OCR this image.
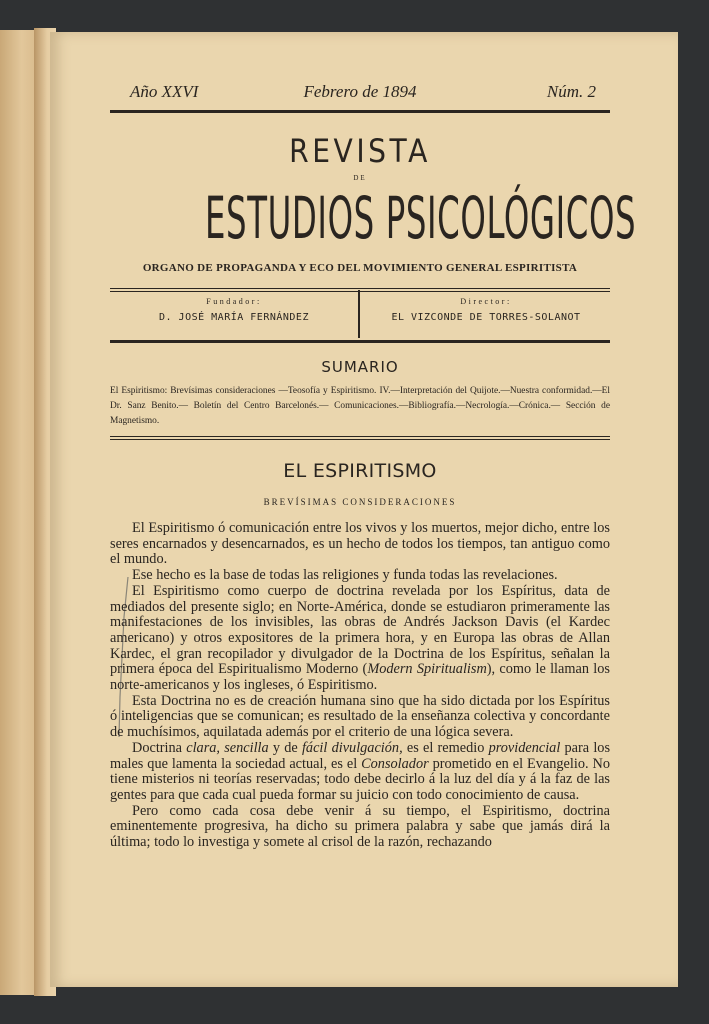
Año XXVI	Febrero de 1894	Núm. 2
REVISTA
DE
ESTUDIOS PSICOLÓGICOS
ORGANO DE PROPAGANDA Y ECO DEL MOVIMIENTO GENERAL ESPIRITISTA
Fundador:
D. JOSÉ MARÍA FERNÁNDEZ
Director:
EL VIZCONDE DE TORRES-SOLANOT
SUMARIO
El Espiritismo: Brevísimas consideraciones —Teosofía y Espiritismo. IV.—Interpretación del Quijote.—Nuestra conformidad.—El Dr. Sanz Benito.— Boletín del Centro Barcelonés.— Comunicaciones.—Bibliografía.—Necrología.—Crónica.— Sección de Magnetismo.
EL ESPIRITISMO
BREVÍSIMAS CONSIDERACIONES

El Espiritismo ó comunicación entre los vivos y los muertos, mejor dicho, entre los seres encarnados y desencarnados, es un hecho de todos los tiempos, tan antiguo como el mundo.

Ese hecho es la base de todas las religiones y funda todas las revelaciones.

El Espiritismo como cuerpo de doctrina revelada por los Espíritus, data de mediados del presente siglo; en Norte-América, donde se estudiaron primeramente las manifestaciones de los invisibles, las obras de Andrés Jackson Davis (el Kardec americano) y otros expositores de la primera hora, y en Europa las obras de Allan Kardec, el gran recopilador y divulgador de la Doctrina de los Espíritus, señalan la primera época del Espiritualismo Moderno (Modern Spiritualism), como le llaman los norte-americanos y los ingleses, ó Espiritismo.

Esta Doctrina no es de creación humana sino que ha sido dictada por los Espíritus ó inteligencias que se comunican; es resultado de la enseñanza colectiva y concordante de muchísimos, aquilatada además por el criterio de una lógica severa.

Doctrina clara, sencilla y de fácil divulgación, es el remedio providencial para los males que lamenta la sociedad actual, es el Consolador prometido en el Evangelio. No tiene misterios ni teorías reservadas; todo debe decirlo á la luz del día y á la faz de las gentes para que cada cual pueda formar su juicio con todo conocimiento de causa.

Pero como cada cosa debe venir á su tiempo, el Espiritismo, doctrina eminentemente progresiva, ha dicho su primera palabra y sabe que jamás dirá la última; todo lo investiga y somete al crisol de la razón, rechazando
